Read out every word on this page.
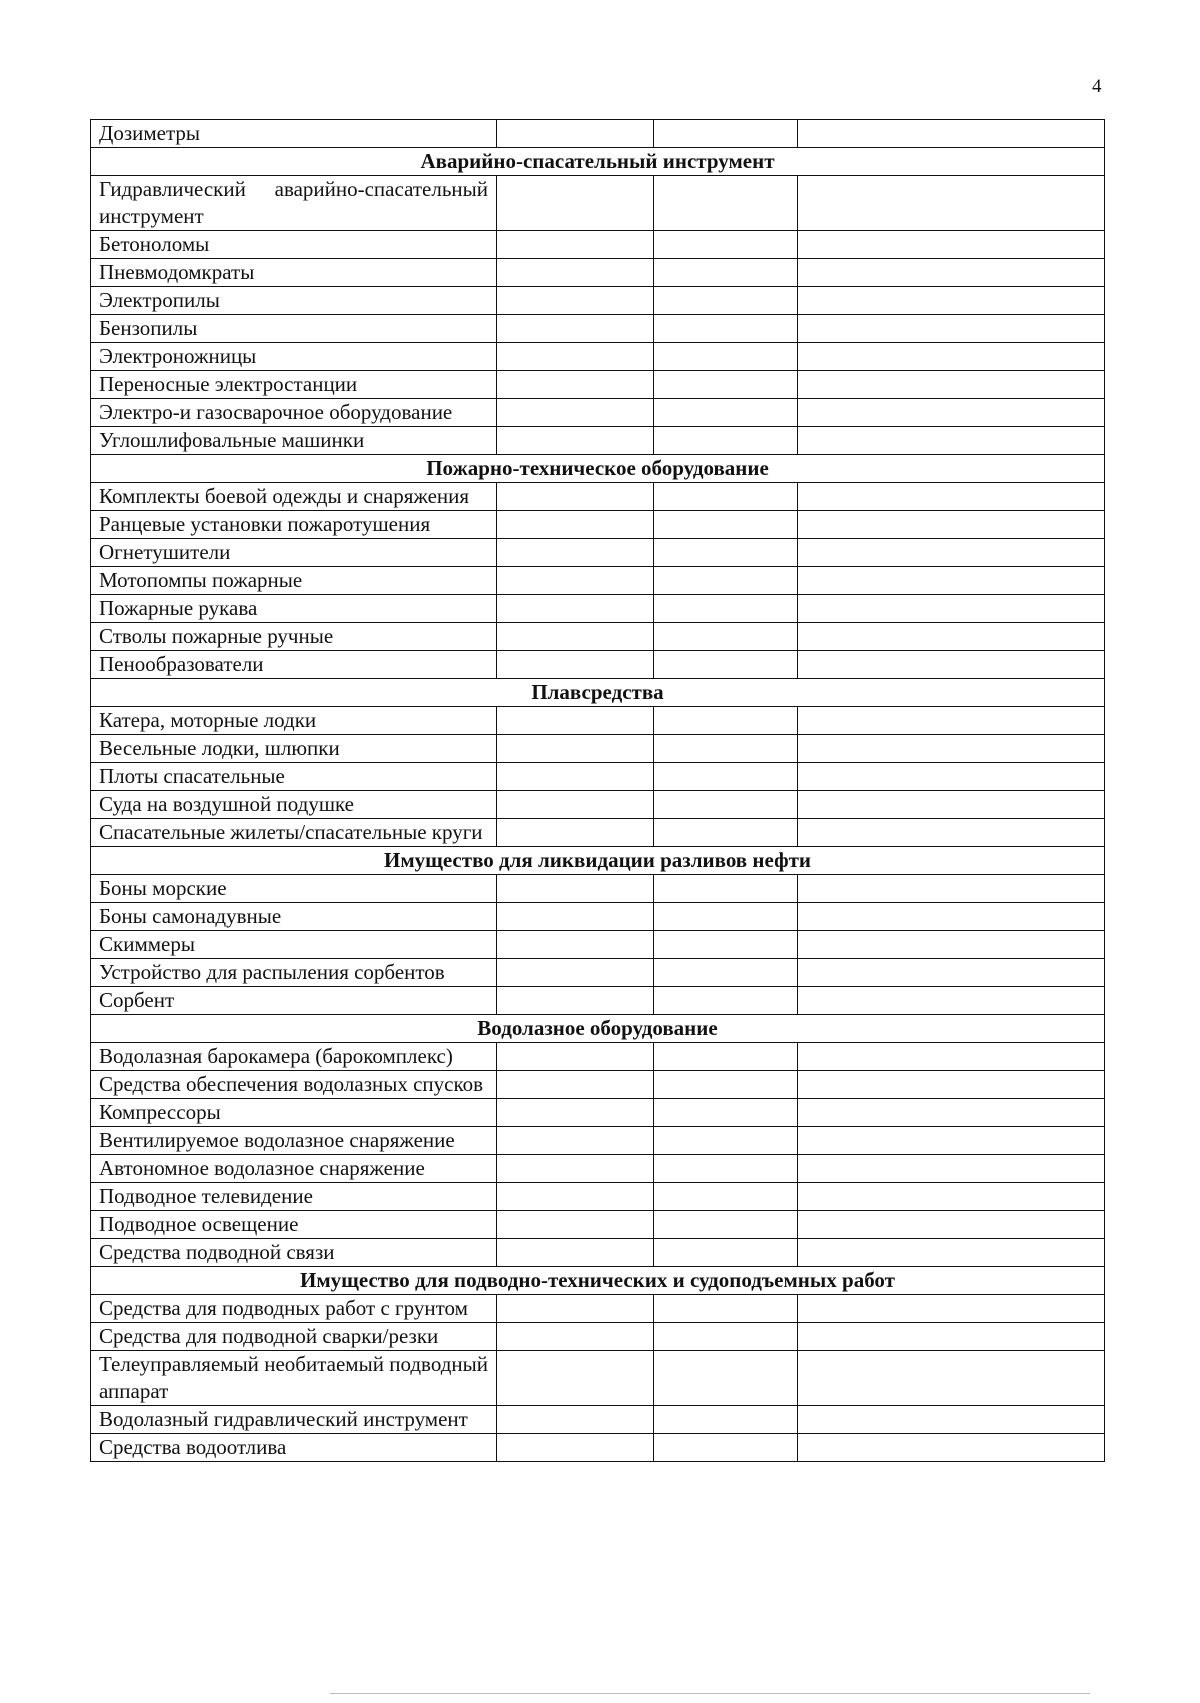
4
Дозиметры			
Аварийно-спасательный инструмент			
Гидравлический аварийно-спасательный инструмент			
Бетоноломы			
Пневмодомкраты			
Электропилы			
Бензопилы			
Электроножницы			
Переносные электростанции			
Электро-и газосварочное оборудование			
Углошлифовальные машинки			
Пожарно-техническое оборудование			
Комплекты боевой одежды и снаряжения			
Ранцевые установки пожаротушения			
Огнетушители			
Мотопомпы пожарные			
Пожарные рукава			
Стволы пожарные ручные			
Пенообразователи			
Плавсредства			
Катера, моторные лодки			
Весельные лодки, шлюпки			
Плоты спасательные			
Суда на воздушной подушке			
Спасательные жилеты/спасательные круги			
Имущество для ликвидации разливов нефти			
Боны морские			
Боны самонадувные			
Скиммеры			
Устройство для распыления сорбентов			
Сорбент			
Водолазное оборудование			
Водолазная барокамера (барокомплекс)			
Средства обеспечения водолазных спусков			
Компрессоры			
Вентилируемое водолазное снаряжение			
Автономное водолазное снаряжение			
Подводное телевидение			
Подводное освещение			
Средства подводной связи			
Имущество для подводно-технических и судоподъемных работ			
Средства для подводных работ с грунтом			
Средства для подводной сварки/резки			
Телеуправляемый необитаемый подводный аппарат			
Водолазный гидравлический инструмент			
Средства водоотлива			
